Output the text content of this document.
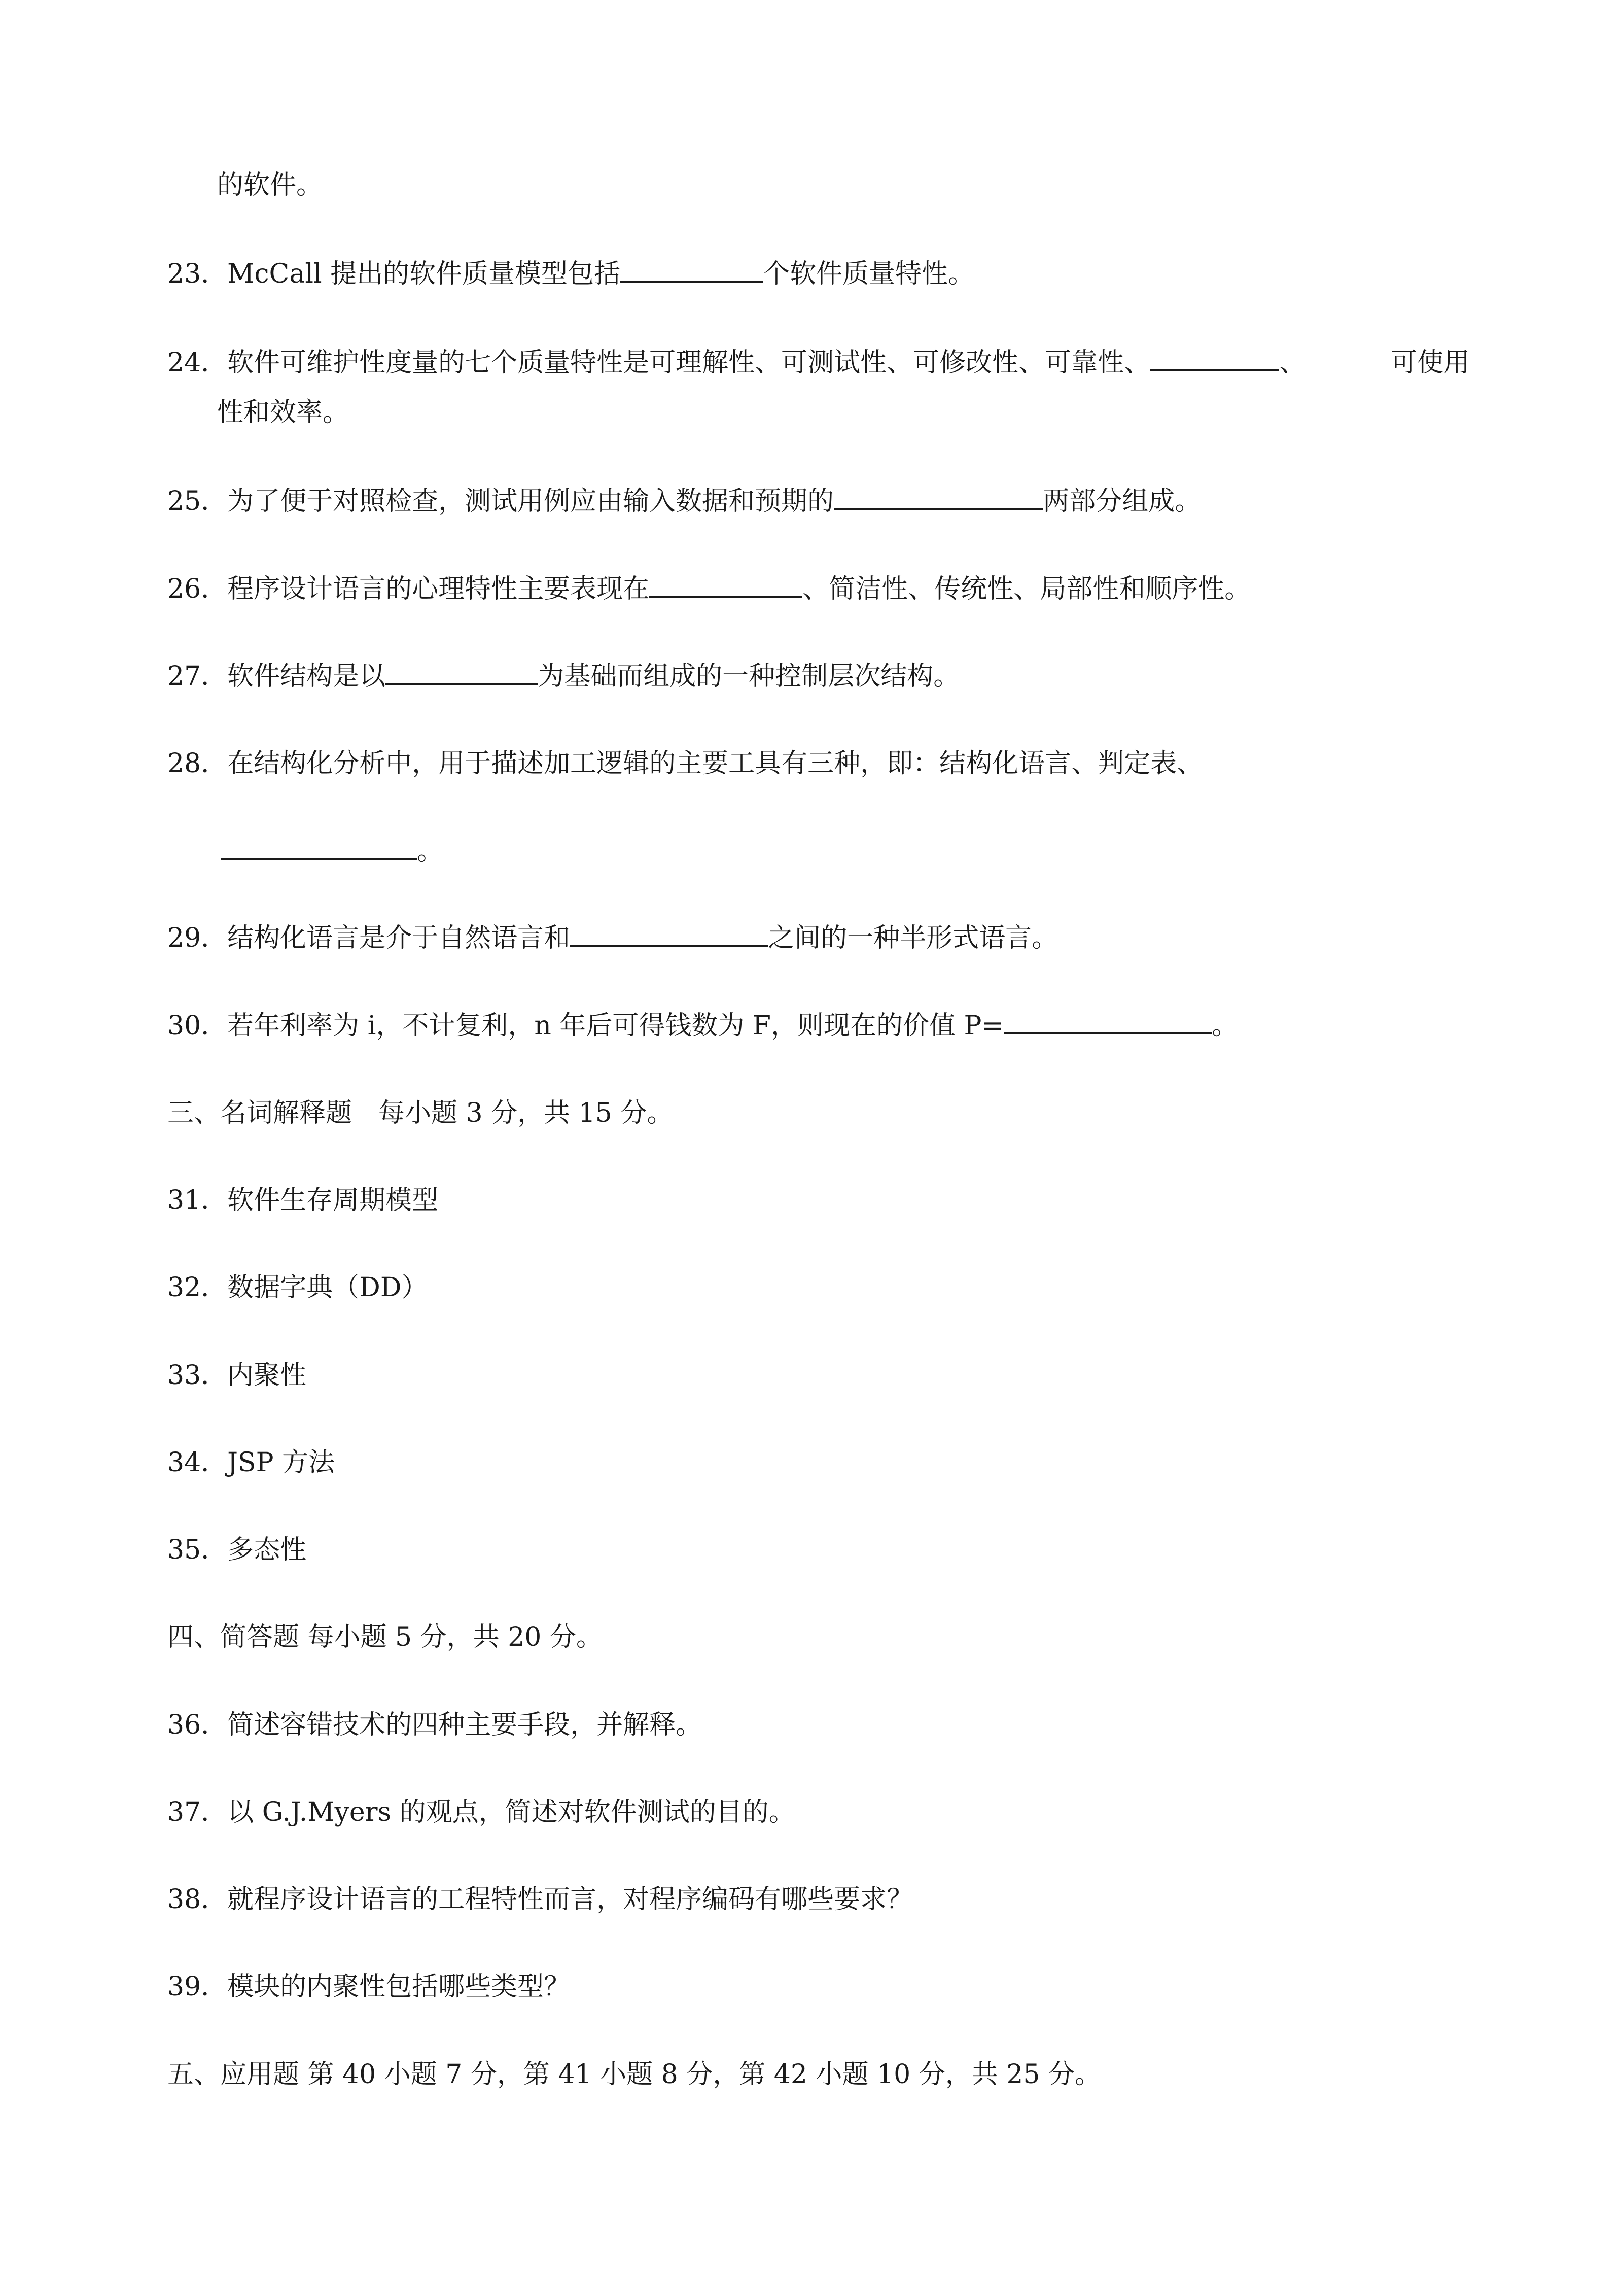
的软件。
23．McCall 提出的软件质量模型包括	个软件质量特性。
24．软件可维护性度量的七个质量特性是可理解性、可测试性、可修改性、可靠性、	、	可使用
性和效率。
25．为了便于对照检查，测试用例应由输入数据和预期的	两部分组成。
26．程序设计语言的心理特性主要表现在	、简洁性、传统性、局部性和顺序性。
27．软件结构是以	为基础而组成的一种控制层次结构。
28．在结构化分析中，用于描述加工逻辑的主要工具有三种，即：结构化语言、判定表、
。
29．结构化语言是介于自然语言和	之间的一种半形式语言。
30．若年利率为 i，不计复利，n 年后可得钱数为 F，则现在的价值 P=	。
三、名词解释题　每小题 3 分，共 15 分。
31．软件生存周期模型
32．数据字典（DD）
33．内聚性
34．JSP 方法
35．多态性
四、简答题 每小题 5 分，共 20 分。
36．简述容错技术的四种主要手段，并解释。
37．以 G.J.Myers 的观点，简述对软件测试的目的。
38．就程序设计语言的工程特性而言，对程序编码有哪些要求？
39．模块的内聚性包括哪些类型？
五、应用题 第 40 小题 7 分，第 41 小题 8 分，第 42 小题 10 分，共 25 分。
